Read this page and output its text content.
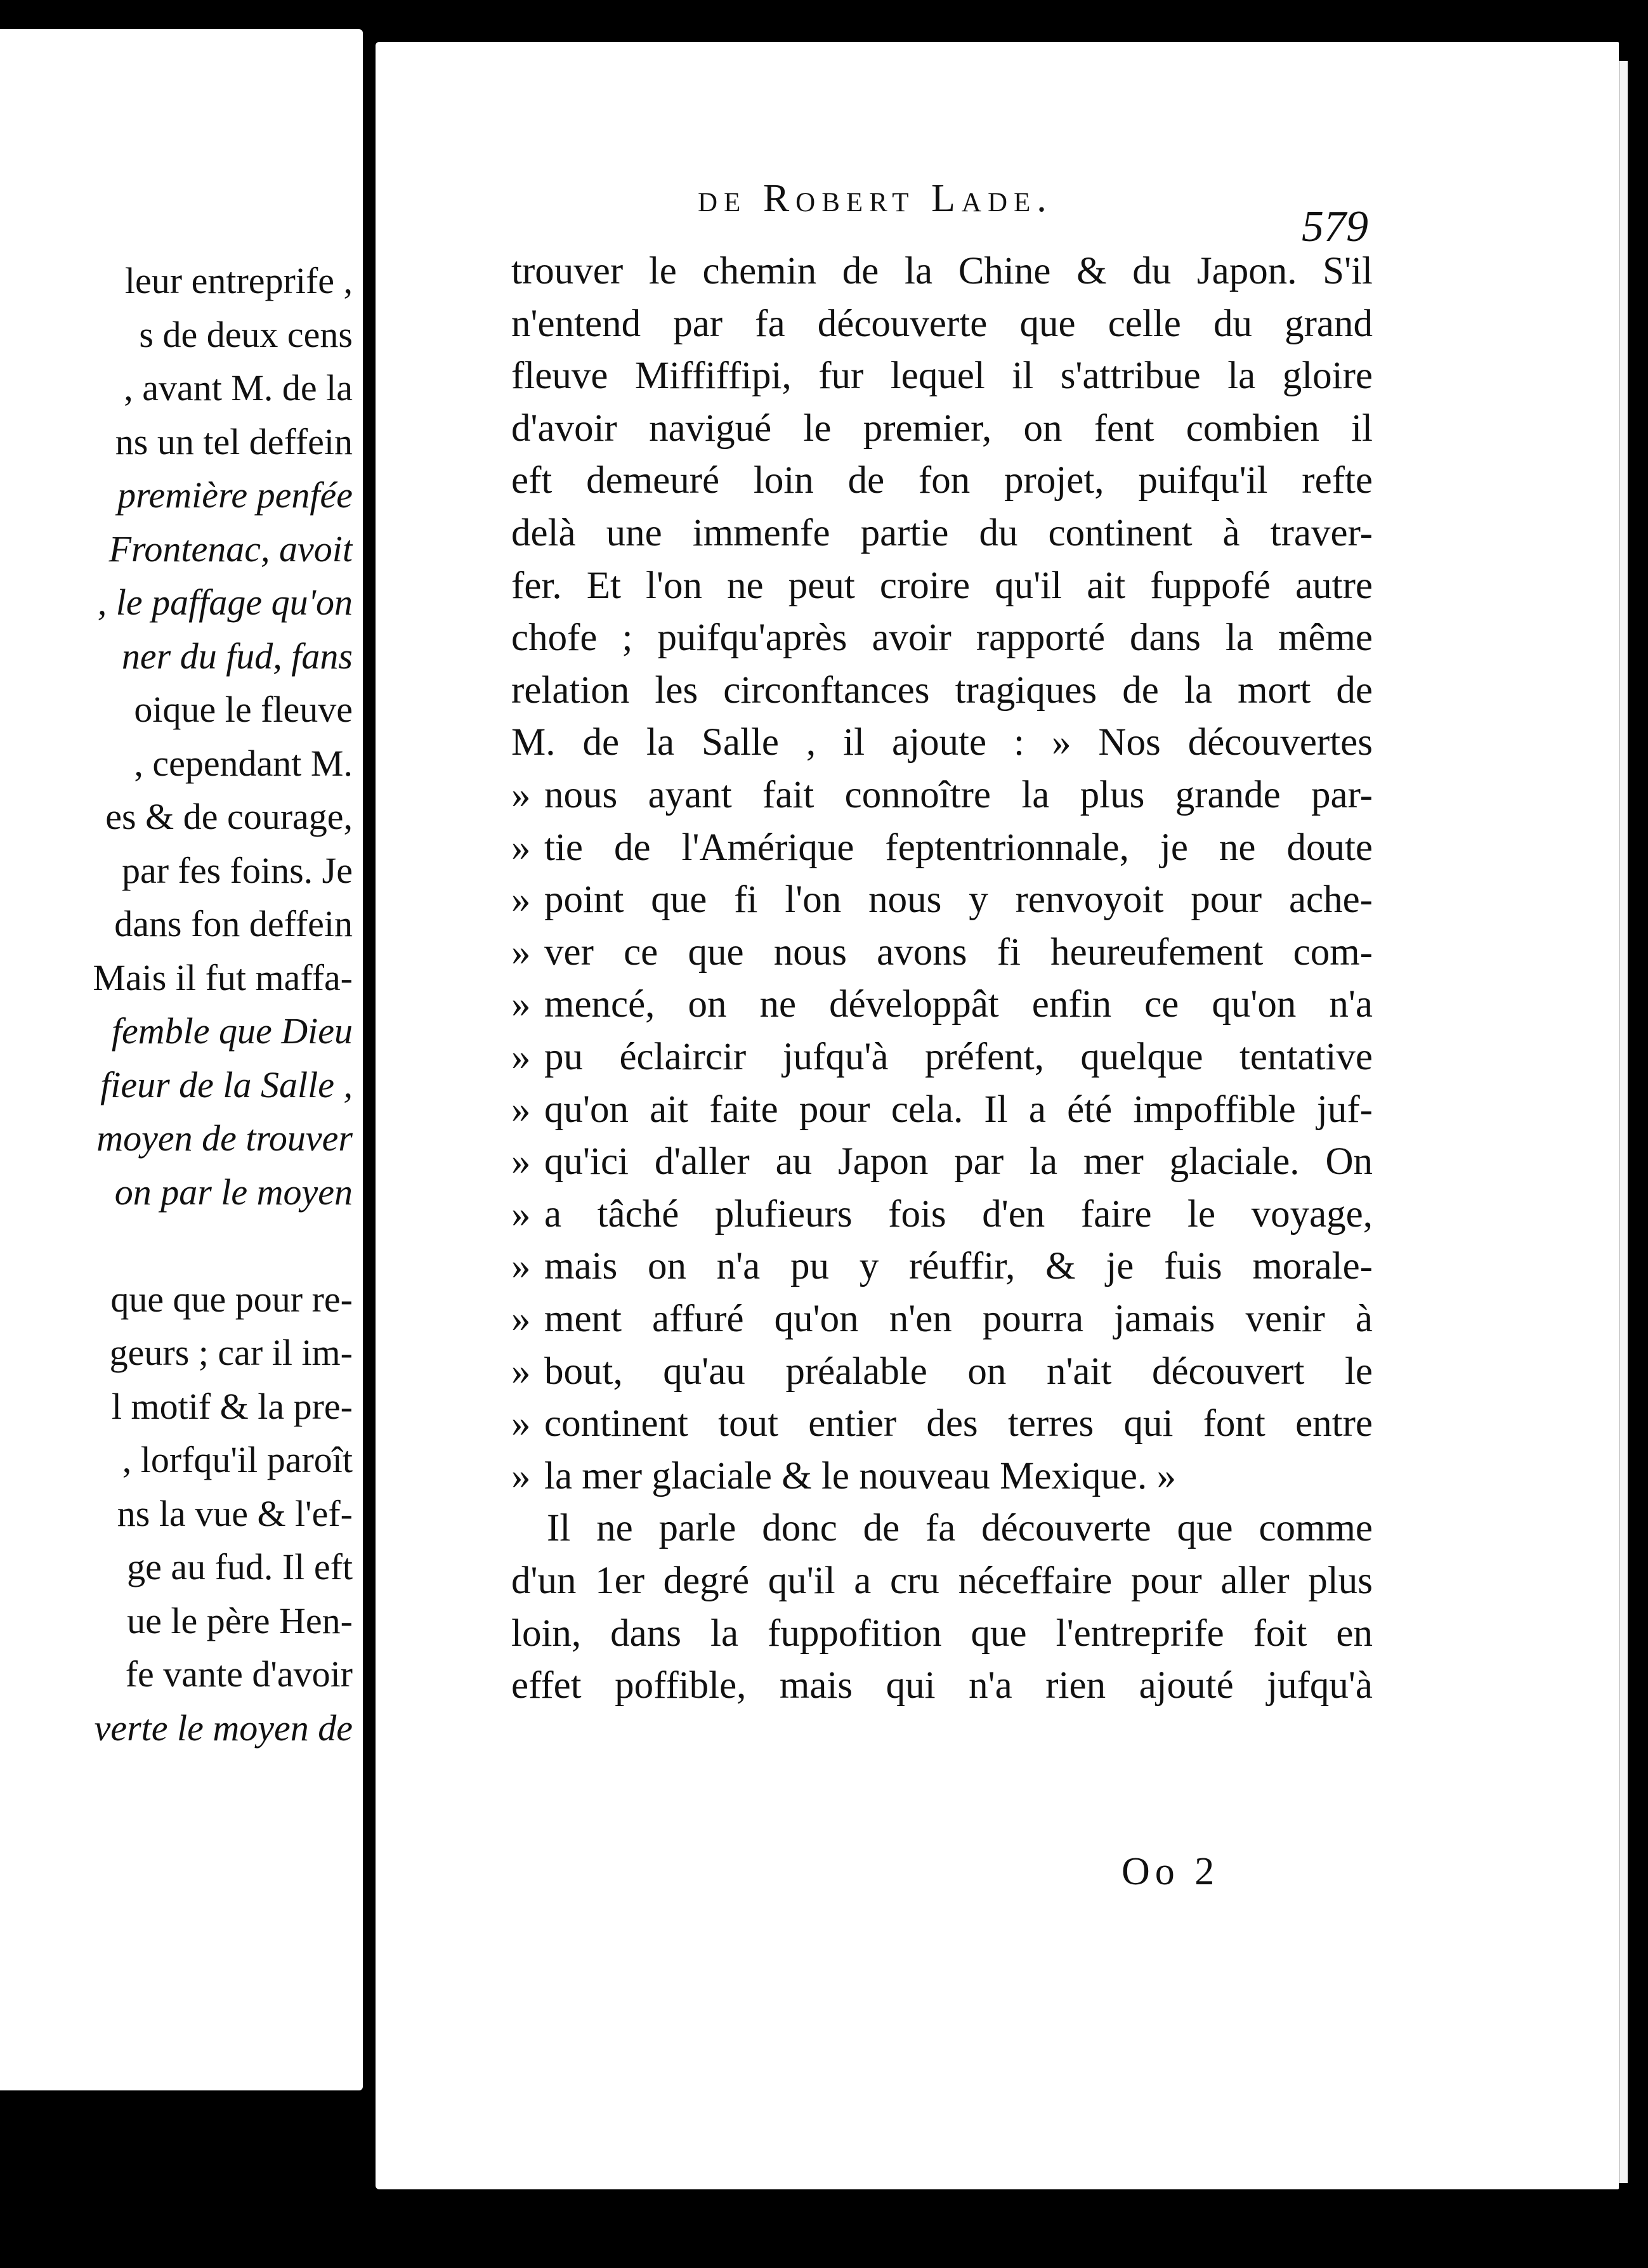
leur entreprife ,
s de deux cens
, avant M. de la
ns un tel deffein
première penfée
Frontenac, avoit
, le paffage qu'on
ner du fud, fans
oique le fleuve
, cependant M.
es & de courage,
par fes foins. Je
dans fon deffein
Mais il fut maffa-
femble que Dieu
fieur de la Salle ,
moyen de trouver
on par le moyen
que que pour re-
geurs ; car il im-
l motif & la pre-
, lorfqu'il paroît
ns la vue & l'ef-
ge au fud. Il eft
ue le père Hen-
fe vante d'avoir
verte le moyen de
de Robert Lade.
579
trouver le chemin de la Chine & du Japon. S'il
n'entend par fa découverte que celle du grand
fleuve Miffiffipi, fur lequel il s'attribue la gloire
d'avoir navigué le premier, on fent combien il
eft demeuré loin de fon projet, puifqu'il refte
delà une immenfe partie du continent à traver-
fer. Et l'on ne peut croire qu'il ait fuppofé autre
chofe ; puifqu'après avoir rapporté dans la même
relation les circonftances tragiques de la mort de
M. de la Salle , il ajoute : » Nos découvertes
» nous ayant fait connoître la plus grande par-
» tie de l'Amérique feptentrionnale, je ne doute
» point que fi l'on nous y renvoyoit pour ache-
» ver ce que nous avons fi heureufement com-
» mencé, on ne développât enfin ce qu'on n'a
» pu éclaircir jufqu'à préfent, quelque tentative
» qu'on ait faite pour cela. Il a été impoffible juf-
» qu'ici d'aller au Japon par la mer glaciale. On
» a tâché plufieurs fois d'en faire le voyage,
» mais on n'a pu y réuffir, & je fuis morale-
» ment affuré qu'on n'en pourra jamais venir à
» bout, qu'au préalable on n'ait découvert le
» continent tout entier des terres qui font entre
» la mer glaciale & le nouveau Mexique. »
Il ne parle donc de fa découverte que comme
d'un 1er degré qu'il a cru néceffaire pour aller plus
loin, dans la fuppofition que l'entreprife foit en
effet poffible, mais qui n'a rien ajouté jufqu'à
Oo 2
